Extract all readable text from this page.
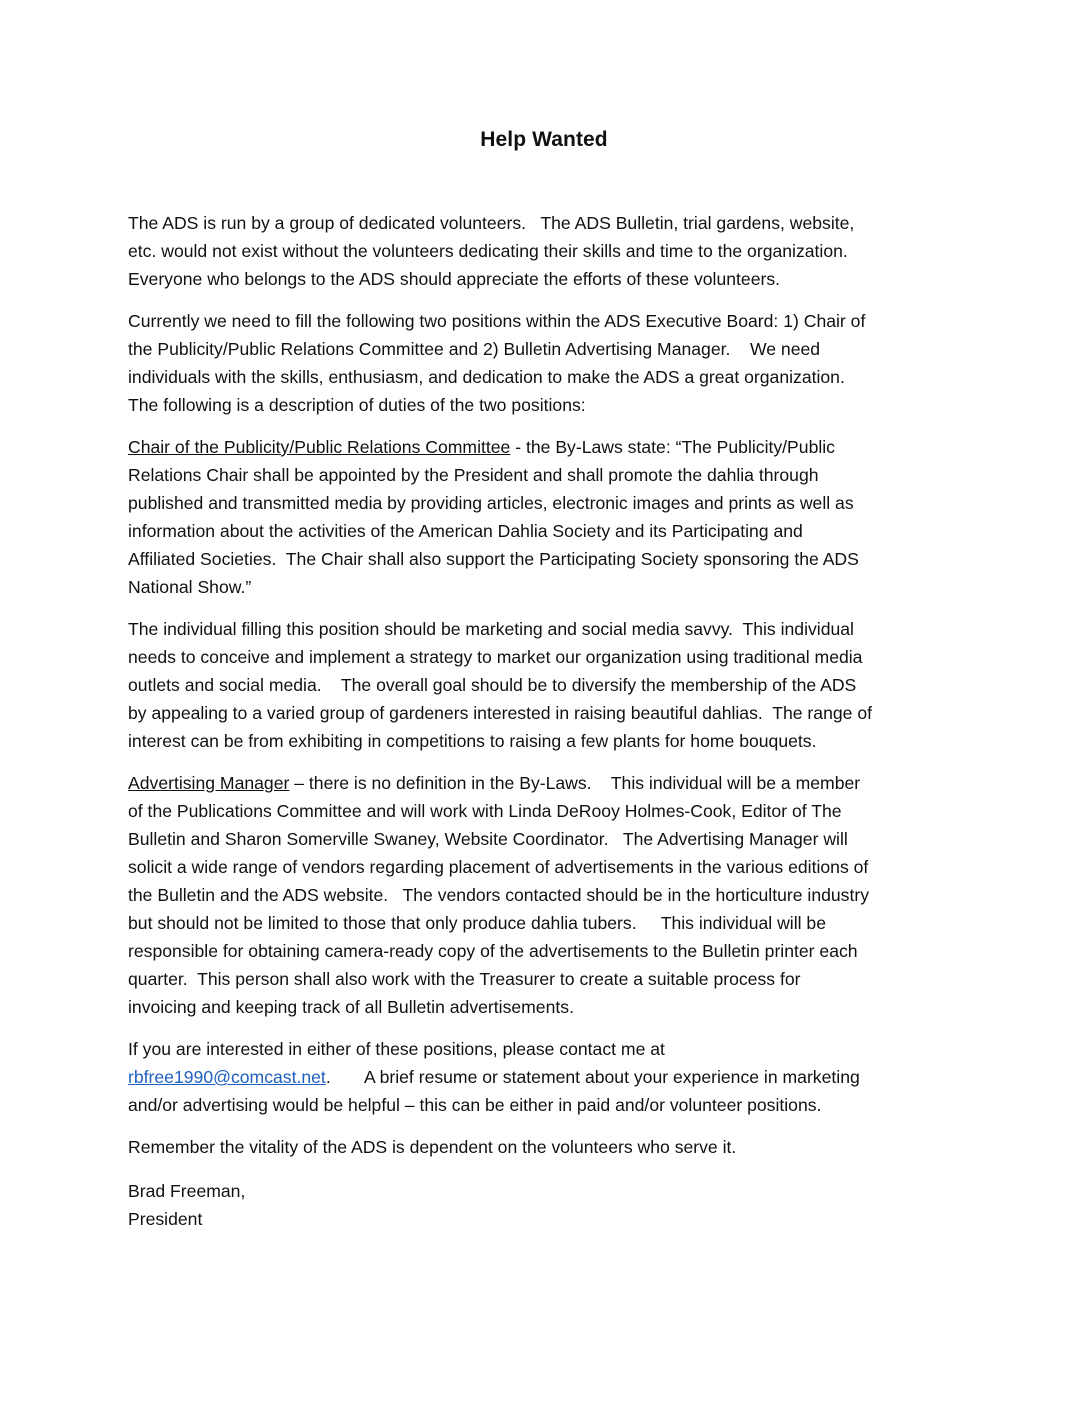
Help Wanted

The ADS is run by a group of dedicated volunteers.   The ADS Bulletin, trial gardens, website,
etc. would not exist without the volunteers dedicating their skills and time to the organization.
Everyone who belongs to the ADS should appreciate the efforts of these volunteers.

Currently we need to fill the following two positions within the ADS Executive Board: 1) Chair of
the Publicity/Public Relations Committee and 2) Bulletin Advertising Manager.    We need
individuals with the skills, enthusiasm, and dedication to make the ADS a great organization.
The following is a description of duties of the two positions:

Chair of the Publicity/Public Relations Committee - the By-Laws state: “The Publicity/Public
Relations Chair shall be appointed by the President and shall promote the dahlia through
published and transmitted media by providing articles, electronic images and prints as well as
information about the activities of the American Dahlia Society and its Participating and
Affiliated Societies.  The Chair shall also support the Participating Society sponsoring the ADS
National Show.”

The individual filling this position should be marketing and social media savvy.  This individual
needs to conceive and implement a strategy to market our organization using traditional media
outlets and social media.    The overall goal should be to diversify the membership of the ADS
by appealing to a varied group of gardeners interested in raising beautiful dahlias.  The range of
interest can be from exhibiting in competitions to raising a few plants for home bouquets.

Advertising Manager – there is no definition in the By-Laws.    This individual will be a member
of the Publications Committee and will work with Linda DeRooy Holmes-Cook, Editor of The
Bulletin and Sharon Somerville Swaney, Website Coordinator.   The Advertising Manager will
solicit a wide range of vendors regarding placement of advertisements in the various editions of
the Bulletin and the ADS website.   The vendors contacted should be in the horticulture industry
but should not be limited to those that only produce dahlia tubers.     This individual will be
responsible for obtaining camera-ready copy of the advertisements to the Bulletin printer each
quarter.  This person shall also work with the Treasurer to create a suitable process for
invoicing and keeping track of all Bulletin advertisements.

If you are interested in either of these positions, please contact me at
rbfree1990@comcast.net.       A brief resume or statement about your experience in marketing
and/or advertising would be helpful – this can be either in paid and/or volunteer positions.

Remember the vitality of the ADS is dependent on the volunteers who serve it.

Brad Freeman,
President
